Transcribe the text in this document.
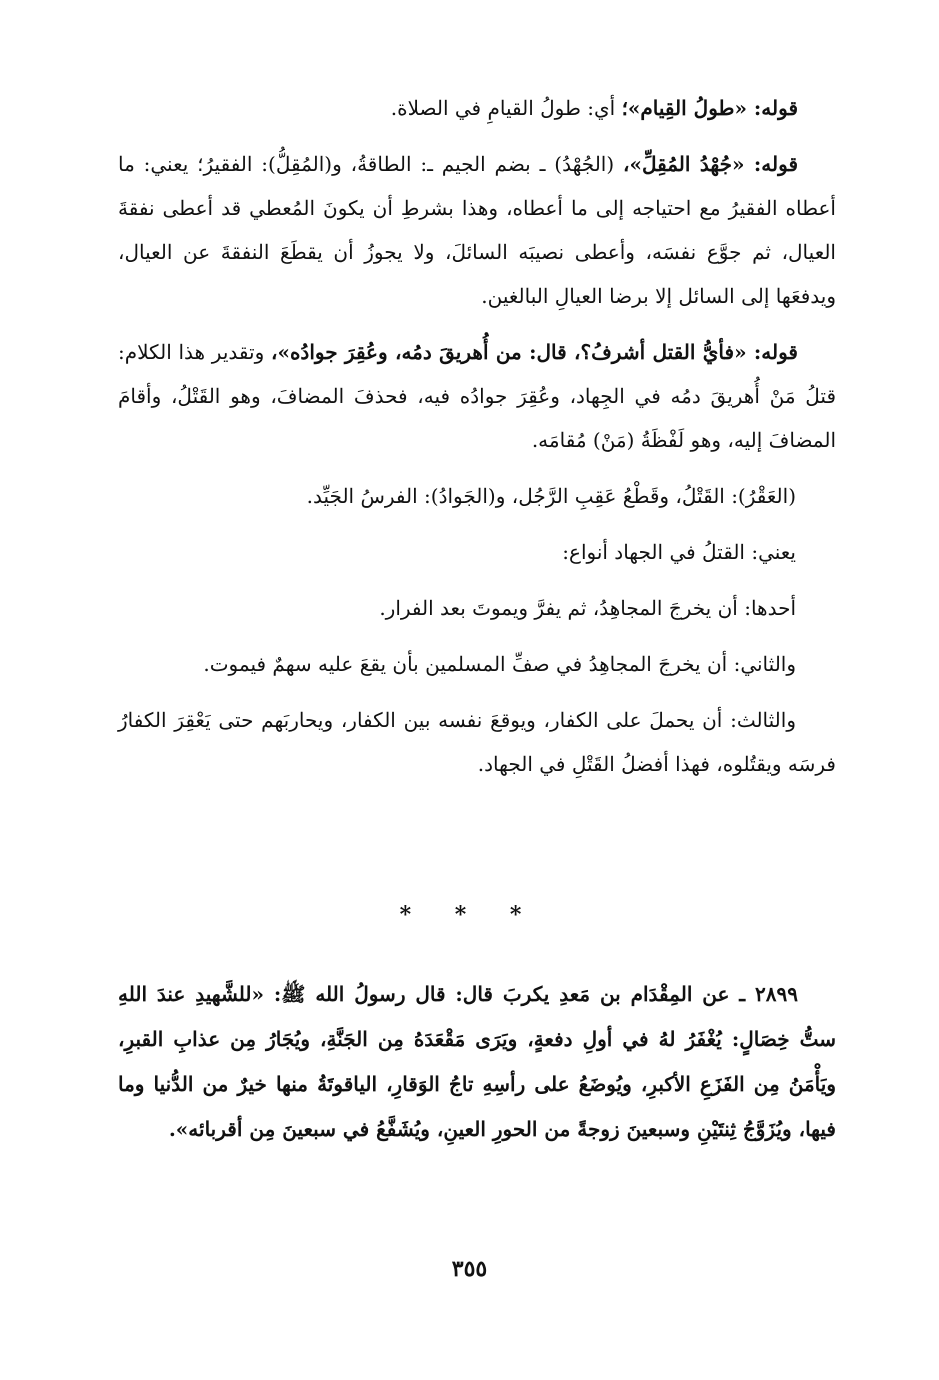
قوله: «طولُ القِيام»؛ أي: طولُ القيامِ في الصلاة.

قوله: «جُهْدُ المُقِلِّ»، (الجُهْدُ) ـ بضم الجيم ـ: الطاقةُ، و(المُقِلُّ): الفقيرُ؛ يعني: ما أعطاه الفقيرُ مع احتياجه إلى ما أعطاه، وهذا بشرطِ أن يكونَ المُعطي قد أعطى نفقةَ العيال، ثم جوَّع نفسَه، وأعطى نصيبَه السائلَ، ولا يجوزُ أن يقطَعَ النفقةَ عن العيال، ويدفعَها إلى السائل إلا برضا العيالِ البالغين.

قوله: «فأيُّ القتل أشرفُ؟، قال: من أُهريقَ دمُه، وعُقِرَ جوادُه»، وتقدير هذا الكلام: قتلُ مَنْ أُهريقَ دمُه في الجِهاد، وعُقِرَ جوادُه فيه، فحذفَ المضافَ، وهو القَتْلُ، وأقامَ المضافَ إليه، وهو لَفْظَةُ (مَنْ) مُقامَه.

(العَقْرُ): القَتْلُ، وقَطْعُ عَقِبِ الرَّجُل، و(الجَوادُ): الفرسُ الجَيِّد.

يعني: القتلُ في الجهاد أنواع:

أحدها: أن يخرجَ المجاهِدُ، ثم يفرَّ ويموتَ بعد الفرار.

والثاني: أن يخرجَ المجاهِدُ في صفِّ المسلمين بأن يقعَ عليه سهمٌ فيموت.

والثالث: أن يحملَ على الكفار، ويوقعَ نفسه بين الكفار، ويحاربَهم حتى يَعْقِرَ الكفارُ فرسَه ويقتُلوه، فهذا أفضلُ القَتْلِ في الجهاد.

* * *

٢٨٩٩ ـ عن المِقْدَام بن مَعدِ يكربَ قال: قال رسولُ الله ﷺ: «للشَّهيدِ عندَ اللهِ ستُّ خِصَالٍ: يُغْفَرُ لهُ في أولِ دفعةٍ، ويَرَى مَقْعَدَهُ مِن الجَنَّةِ، ويُجَارُ مِن عذابِ القبرِ، ويَأْمَنُ مِن الفَزَعِ الأكبرِ، ويُوضَعُ على رأسِهِ تاجُ الوَقارِ، الياقوتَةُ منها خيرٌ من الدُّنيا وما فيها، ويُزَوَّجُ ثِنتَيْنِ وسبعينَ زوجةً من الحورِ العينِ، ويُشَفَّعُ في سبعينَ مِن أقربائه».

٣٥٥
